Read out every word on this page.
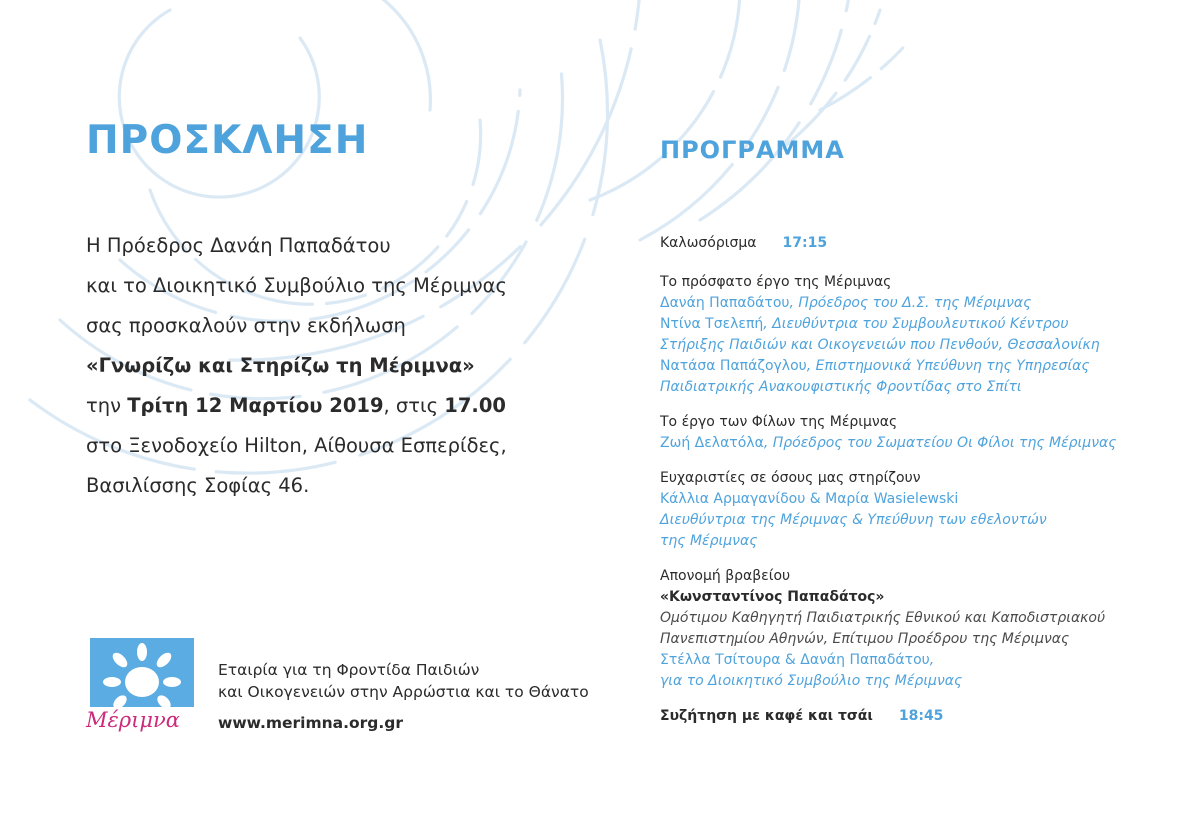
ΠΡΟΣΚΛΗΣΗ	ΠΡΟΓΡΑΜΜΑ
Η Πρόεδρος Δανάη Παπαδάτου
και το Διοικητικό Συμβούλιο της Μέριμνας
σας προσκαλούν στην εκδήλωση
«Γνωρίζω και Στηρίζω τη Μέριμνα»
την Τρίτη 12 Μαρτίου 2019, στις 17.00
στο Ξενοδοχείο Hilton, Αίθουσα Εσπερίδες,
Βασιλίσσης Σοφίας 46.
Μέριμνα
Εταιρία για τη Φροντίδα Παιδιών
και Οικογενειών στην Αρρώστια και το Θάνατο
www.merimna.org.gr
Καλωσόρισμα 17:15
Το πρόσφατο έργο της Μέριμνας
Δανάη Παπαδάτου, Πρόεδρος του Δ.Σ. της Μέριμνας
Ντίνα Τσελεπή, Διευθύντρια του Συμβουλευτικού Κέντρου
Στήριξης Παιδιών και Οικογενειών που Πενθούν, Θεσσαλονίκη
Νατάσα Παπάζογλου, Επιστημονικά Υπεύθυνη της Υπηρεσίας
Παιδιατρικής Ανακουφιστικής Φροντίδας στο Σπίτι
Το έργο των Φίλων της Μέριμνας
Ζωή Δελατόλα, Πρόεδρος του Σωματείου Οι Φίλοι της Μέριμνας
Ευχαριστίες σε όσους μας στηρίζουν
Κάλλια Αρμαγανίδου & Μαρία Wasielewski
Διευθύντρια της Μέριμνας & Υπεύθυνη των εθελοντών
της Μέριμνας
Απονομή βραβείου
«Κωνσταντίνος Παπαδάτος»
Ομότιμου Καθηγητή Παιδιατρικής Εθνικού και Καποδιστριακού
Πανεπιστημίου Αθηνών, Επίτιμου Προέδρου της Μέριμνας
Στέλλα Τσίτουρα & Δανάη Παπαδάτου,
για το Διοικητικό Συμβούλιο της Μέριμνας
Συζήτηση με καφέ και τσάι 18:45
